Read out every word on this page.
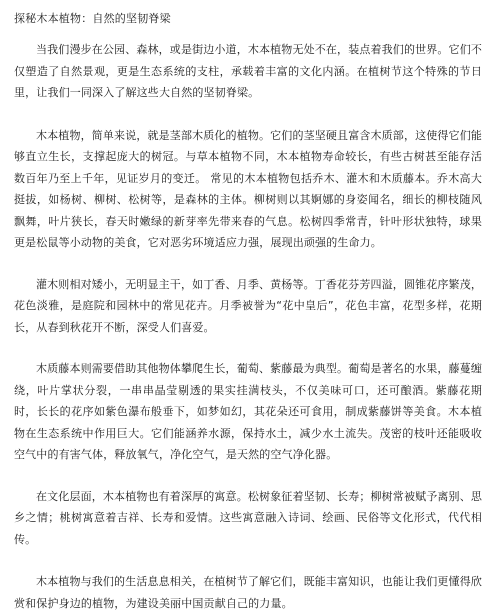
探秘木本植物：自然的坚韧脊梁

当我们漫步在公园、森林，或是街边小道，木本植物无处不在，装点着我们的世界。它们不仅塑造了自然景观，更是生态系统的支柱，承载着丰富的文化内涵。在植树节这个特殊的节日里，让我们一同深入了解这些大自然的坚韧脊梁。

木本植物，简单来说，就是茎部木质化的植物。它们的茎坚硬且富含木质部，这使得它们能够直立生长，支撑起庞大的树冠。与草本植物不同，木本植物寿命较长，有些古树甚至能存活数百年乃至上千年，见证岁月的变迁。 常见的木本植物包括乔木、灌木和木质藤本。乔木高大挺拔，如杨树、柳树、松树等，是森林的主体。柳树则以其婀娜的身姿闻名，细长的柳枝随风飘舞，叶片狭长，春天时嫩绿的新芽率先带来春的气息。松树四季常青，针叶形状独特，球果更是松鼠等小动物的美食，它对恶劣环境适应力强，展现出顽强的生命力。

灌木则相对矮小，无明显主干，如丁香、月季、黄杨等。丁香花芬芳四溢，圆锥花序繁茂，花色淡雅，是庭院和园林中的常见花卉。月季被誉为“花中皇后”，花色丰富，花型多样，花期长，从春到秋花开不断，深受人们喜爱。

木质藤本则需要借助其他物体攀爬生长，葡萄、紫藤最为典型。葡萄是著名的水果，藤蔓缠绕，叶片掌状分裂，一串串晶莹剔透的果实挂满枝头，不仅美味可口，还可酿酒。紫藤花期时，长长的花序如紫色瀑布般垂下，如梦如幻，其花朵还可食用，制成紫藤饼等美食。木本植物在生态系统中作用巨大。它们能涵养水源，保持水土，减少水土流失。茂密的枝叶还能吸收空气中的有害气体，释放氧气，净化空气，是天然的空气净化器。

在文化层面，木本植物也有着深厚的寓意。松树象征着坚韧、长寿；柳树常被赋予离别、思乡之情；桃树寓意着吉祥、长寿和爱情。这些寓意融入诗词、绘画、民俗等文化形式，代代相传。

木本植物与我们的生活息息相关，在植树节了解它们，既能丰富知识，也能让我们更懂得欣赏和保护身边的植物，为建设美丽中国贡献自己的力量。
